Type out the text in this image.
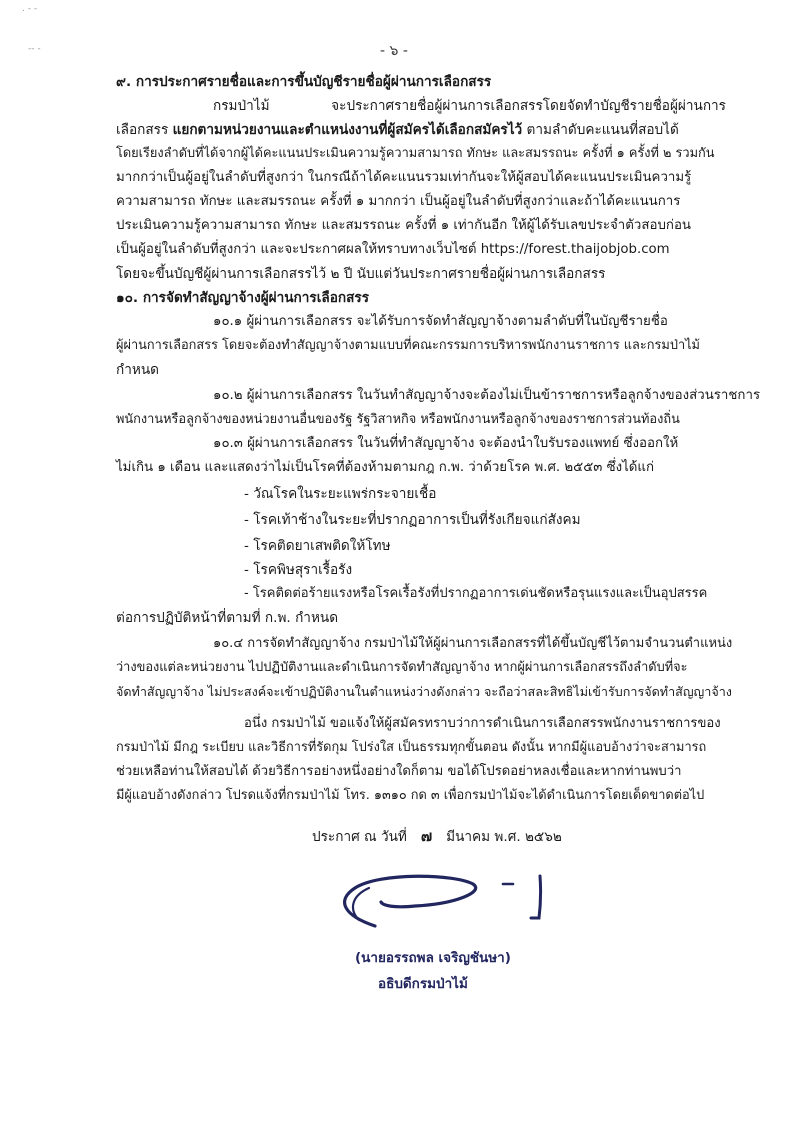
. - -
-- -	- ๖ -
๙. การประกาศรายชื่อและการขึ้นบัญชีรายชื่อผู้ผ่านการเลือกสรร
กรมป่าไม้ จะประกาศรายชื่อผู้ผ่านการเลือกสรรโดยจัดทำบัญชีรายชื่อผู้ผ่านการ
เลือกสรร แยกตามหน่วยงานและตำแหน่งงานที่ผู้สมัครได้เลือกสมัครไว้ ตามลำดับคะแนนที่สอบได้
โดยเรียงลำดับที่ได้จากผู้ได้คะแนนประเมินความรู้ความสามารถ ทักษะ และสมรรถนะ ครั้งที่ ๑ ครั้งที่ ๒ รวมกัน
มากกว่าเป็นผู้อยู่ในลำดับที่สูงกว่า ในกรณีถ้าได้คะแนนรวมเท่ากันจะให้ผู้สอบได้คะแนนประเมินความรู้
ความสามารถ ทักษะ และสมรรถนะ ครั้งที่ ๑ มากกว่า เป็นผู้อยู่ในลำดับที่สูงกว่าและถ้าได้คะแนนการ
ประเมินความรู้ความสามารถ ทักษะ และสมรรถนะ ครั้งที่ ๑ เท่ากันอีก ให้ผู้ได้รับเลขประจำตัวสอบก่อน
เป็นผู้อยู่ในลำดับที่สูงกว่า และจะประกาศผลให้ทราบทางเว็บไซต์ https://forest.thaijobjob.com
โดยจะขึ้นบัญชีผู้ผ่านการเลือกสรรไว้ ๒ ปี นับแต่วันประกาศรายชื่อผู้ผ่านการเลือกสรร
๑๐. การจัดทำสัญญาจ้างผู้ผ่านการเลือกสรร
๑๐.๑ ผู้ผ่านการเลือกสรร จะได้รับการจัดทำสัญญาจ้างตามลำดับที่ในบัญชีรายชื่อ
ผู้ผ่านการเลือกสรร โดยจะต้องทำสัญญาจ้างตามแบบที่คณะกรรมการบริหารพนักงานราชการ และกรมป่าไม้
กำหนด
๑๐.๒ ผู้ผ่านการเลือกสรร ในวันทำสัญญาจ้างจะต้องไม่เป็นข้าราชการหรือลูกจ้างของส่วนราชการ
พนักงานหรือลูกจ้างของหน่วยงานอื่นของรัฐ รัฐวิสาหกิจ หรือพนักงานหรือลูกจ้างของราชการส่วนท้องถิ่น
๑๐.๓ ผู้ผ่านการเลือกสรร ในวันที่ทำสัญญาจ้าง จะต้องนำใบรับรองแพทย์ ซึ่งออกให้
ไม่เกิน ๑ เดือน และแสดงว่าไม่เป็นโรคที่ต้องห้ามตามกฎ ก.พ. ว่าด้วยโรค พ.ศ. ๒๕๕๓ ซึ่งได้แก่
- วัณโรคในระยะแพร่กระจายเชื้อ
- โรคเท้าช้างในระยะที่ปรากฏอาการเป็นที่รังเกียจแก่สังคม
- โรคติดยาเสพติดให้โทษ
- โรคพิษสุราเรื้อรัง
- โรคติดต่อร้ายแรงหรือโรคเรื้อรังที่ปรากฏอาการเด่นชัดหรือรุนแรงและเป็นอุปสรรค
ต่อการปฏิบัติหน้าที่ตามที่ ก.พ. กำหนด
๑๐.๔ การจัดทำสัญญาจ้าง กรมป่าไม้ให้ผู้ผ่านการเลือกสรรที่ได้ขึ้นบัญชีไว้ตามจำนวนตำแหน่ง
ว่างของแต่ละหน่วยงาน ไปปฏิบัติงานและดำเนินการจัดทำสัญญาจ้าง หากผู้ผ่านการเลือกสรรถึงลำดับที่จะ
จัดทำสัญญาจ้าง ไม่ประสงค์จะเข้าปฏิบัติงานในตำแหน่งว่างดังกล่าว จะถือว่าสละสิทธิไม่เข้ารับการจัดทำสัญญาจ้าง
อนึ่ง กรมป่าไม้ ขอแจ้งให้ผู้สมัครทราบว่าการดำเนินการเลือกสรรพนักงานราชการของ
กรมป่าไม้ มีกฎ ระเบียบ และวิธีการที่รัดกุม โปร่งใส เป็นธรรมทุกขั้นตอน ดังนั้น หากมีผู้แอบอ้างว่าจะสามารถ
ช่วยเหลือท่านให้สอบได้ ด้วยวิธีการอย่างหนึ่งอย่างใดก็ตาม ขอได้โปรดอย่าหลงเชื่อและหากท่านพบว่า
มีผู้แอบอ้างดังกล่าว โปรดแจ้งที่กรมป่าไม้ โทร. ๑๓๑๐ กด ๓ เพื่อกรมป่าไม้จะได้ดำเนินการโดยเด็ดขาดต่อไป
ประกาศ ณ วันที่ ๗ มีนาคม พ.ศ. ๒๕๖๒
(นายอรรถพล เจริญชันษา)
อธิบดีกรมป่าไม้
